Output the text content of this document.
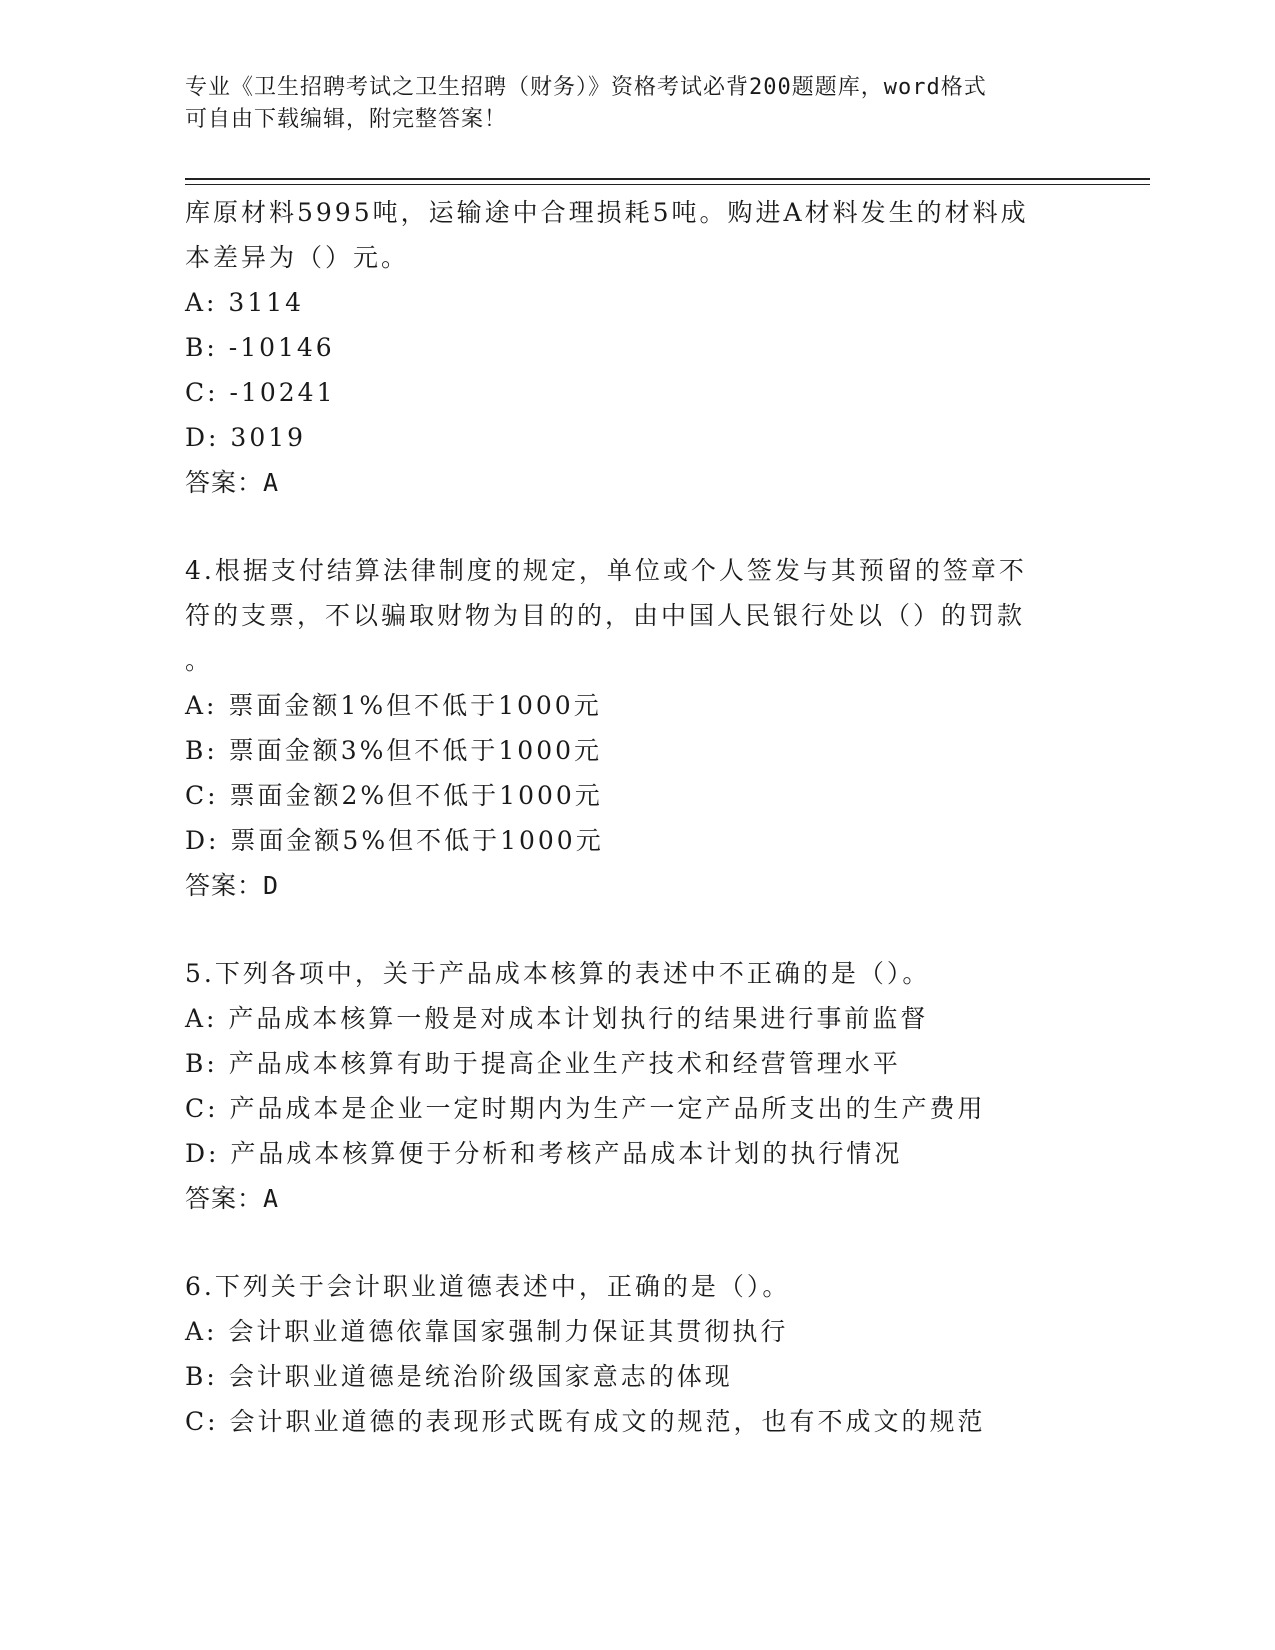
专业《卫生招聘考试之卫生招聘（财务）》资格考试必背200题题库，word格式
可自由下载编辑，附完整答案！
库原材料5995吨，运输途中合理损耗5吨。购进A材料发生的材料成
本差异为（）元。
A: 3114
B: -10146
C: -10241
D: 3019
答案：A
4.根据支付结算法律制度的规定，单位或个人签发与其预留的签章不
符的支票，不以骗取财物为目的的，由中国人民银行处以（）的罚款
。
A: 票面金额1%但不低于1000元
B: 票面金额3%但不低于1000元
C: 票面金额2%但不低于1000元
D: 票面金额5%但不低于1000元
答案：D
5.下列各项中，关于产品成本核算的表述中不正确的是（）。
A: 产品成本核算一般是对成本计划执行的结果进行事前监督
B: 产品成本核算有助于提高企业生产技术和经营管理水平
C: 产品成本是企业一定时期内为生产一定产品所支出的生产费用
D: 产品成本核算便于分析和考核产品成本计划的执行情况
答案：A
6.下列关于会计职业道德表述中，正确的是（）。
A: 会计职业道德依靠国家强制力保证其贯彻执行
B: 会计职业道德是统治阶级国家意志的体现
C: 会计职业道德的表现形式既有成文的规范，也有不成文的规范
